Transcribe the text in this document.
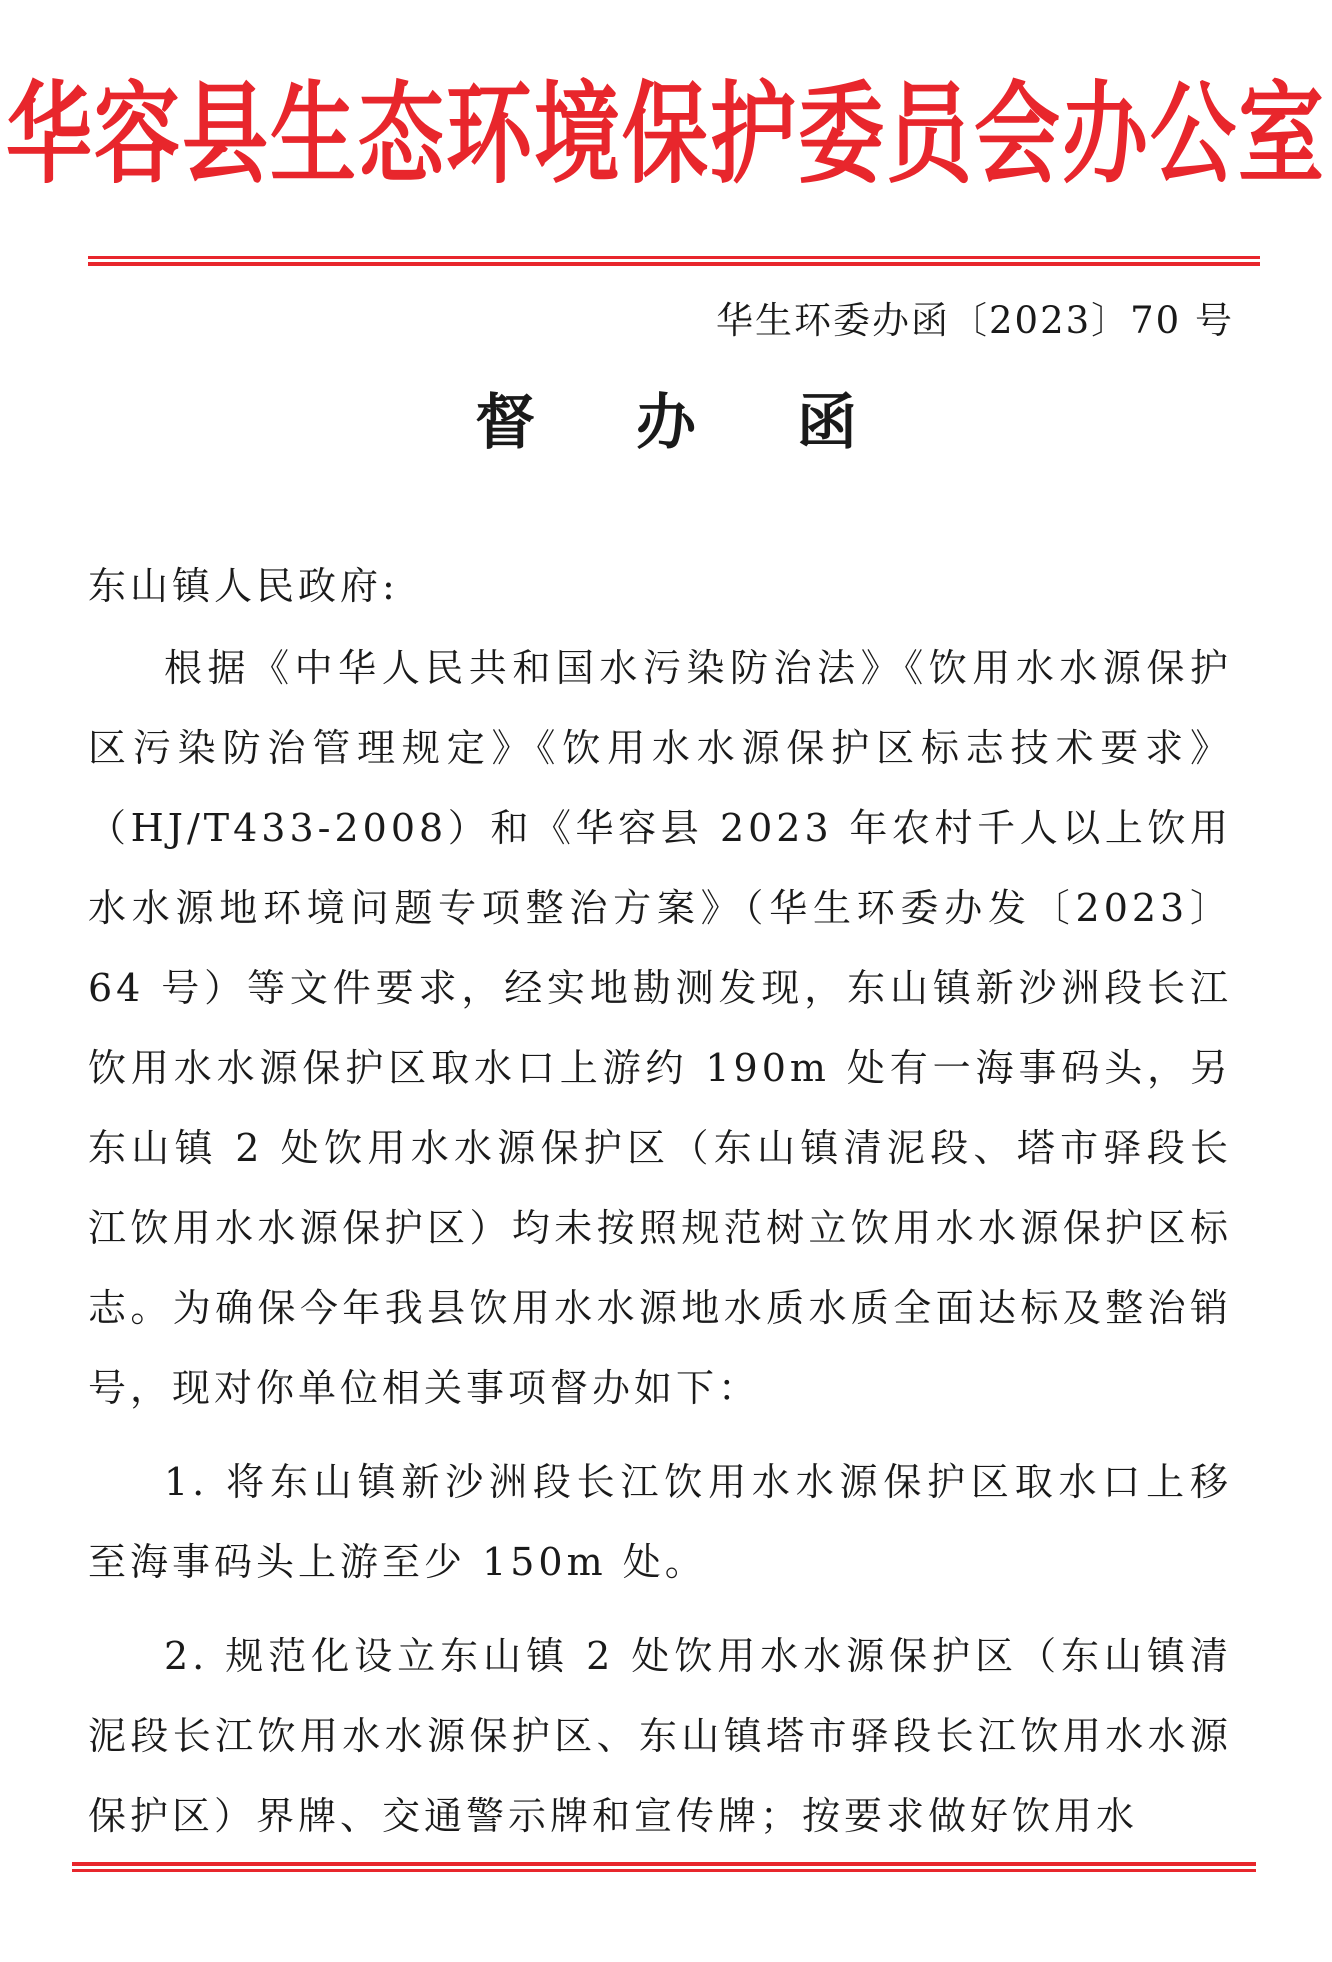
华容县生态环境保护委员会办公室
华生环委办函〔2023〕70 号
督 办 函
东山镇人民政府:

根据《中华人民共和国水污染防治法》《饮用水水源保护区污染防治管理规定》《饮用水水源保护区标志技术要求》（HJ/T433-2008）和《华容县 2023 年农村千人以上饮用水水源地环境问题专项整治方案》（华生环委办发〔2023〕64 号）等文件要求，经实地勘测发现，东山镇新沙洲段长江饮用水水源保护区取水口上游约 190m 处有一海事码头，另东山镇 2 处饮用水水源保护区（东山镇清泥段、塔市驿段长江饮用水水源保护区）均未按照规范树立饮用水水源保护区标志。为确保今年我县饮用水水源地水质水质全面达标及整治销号，现对你单位相关事项督办如下：

1. 将东山镇新沙洲段长江饮用水水源保护区取水口上移至海事码头上游至少 150m 处。

2. 规范化设立东山镇 2 处饮用水水源保护区（东山镇清泥段长江饮用水水源保护区、东山镇塔市驿段长江饮用水水源保护区）界牌、交通警示牌和宣传牌；按要求做好饮用水
